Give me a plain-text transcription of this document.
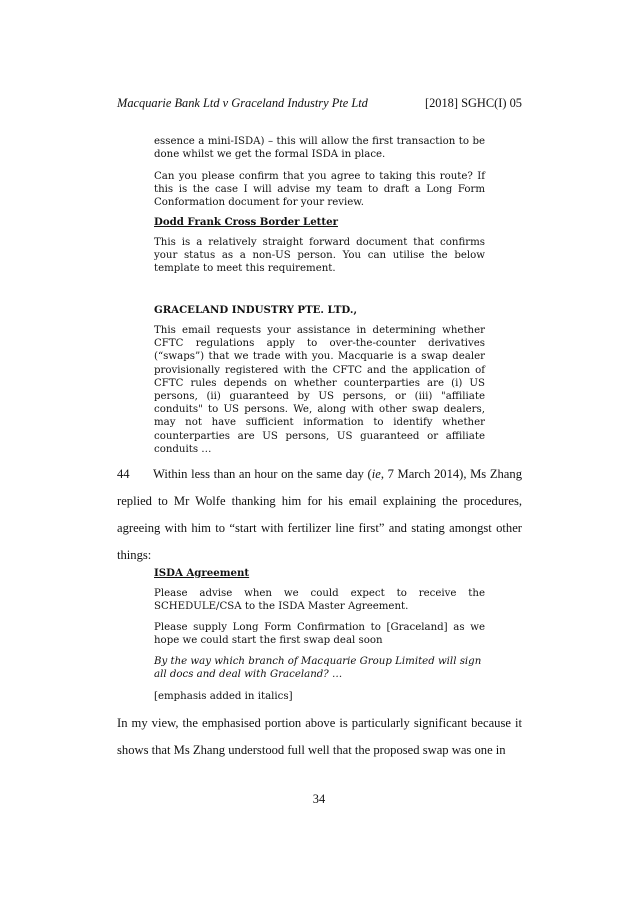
Macquarie Bank Ltd v Graceland Industry Pte Ltd	[2018] SGHC(I) 05

essence a mini-ISDA) – this will allow the first transaction to be done whilst we get the formal ISDA in place.

Can you please confirm that you agree to taking this route? If this is the case I will advise my team to draft a Long Form Conformation document for your review.

Dodd Frank Cross Border Letter

This is a relatively straight forward document that confirms your status as a non-US person. You can utilise the below template to meet this requirement.

GRACELAND INDUSTRY PTE. LTD.,

This email requests your assistance in determining whether CFTC regulations apply to over-the-counter derivatives (“swaps”) that we trade with you. Macquarie is a swap dealer provisionally registered with the CFTC and the application of CFTC rules depends on whether counterparties are (i) US persons, (ii) guaranteed by US persons, or (iii) "affiliate conduits" to US persons. We, along with other swap dealers, may not have sufficient information to identify whether counterparties are US persons, US guaranteed or affiliate conduits …

44 Within less than an hour on the same day (ie, 7 March 2014), Ms Zhang replied to Mr Wolfe thanking him for his email explaining the procedures, agreeing with him to “start with fertilizer line first” and stating amongst other things:

ISDA Agreement

Please advise when we could expect to receive the SCHEDULE/CSA to the ISDA Master Agreement.

Please supply Long Form Confirmation to [Graceland] as we hope we could start the first swap deal soon

By the way which branch of Macquarie Group Limited will sign all docs and deal with Graceland? …

[emphasis added in italics]

In my view, the emphasised portion above is particularly significant because it shows that Ms Zhang understood full well that the proposed swap was one in

34
